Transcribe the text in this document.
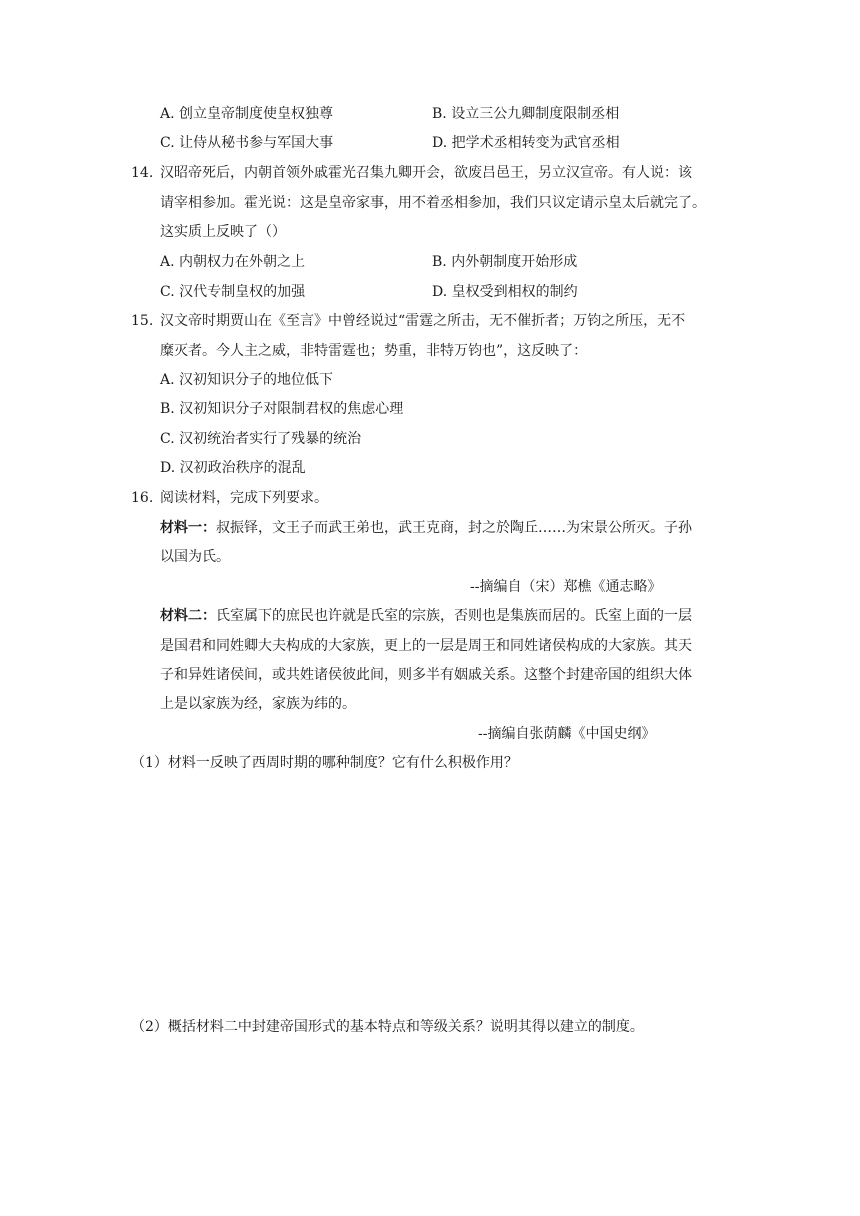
A. 创立皇帝制度使皇权独尊	B. 设立三公九卿制度限制丞相
C. 让侍从秘书参与军国大事	D. 把学术丞相转变为武官丞相
14. 汉昭帝死后，内朝首领外戚霍光召集九卿开会，欲废吕邑王，另立汉宣帝。有人说：该
请宰相参加。霍光说：这是皇帝家事，用不着丞相参加，我们只议定请示皇太后就完了。
这实质上反映了（）
A. 内朝权力在外朝之上	B. 内外朝制度开始形成
C. 汉代专制皇权的加强	D. 皇权受到相权的制约
15. 汉文帝时期贾山在《至言》中曾经说过“雷霆之所击，无不催折者；万钧之所压，无不
糜灭者。今人主之威，非特雷霆也；势重，非特万钧也”，这反映了：
A. 汉初知识分子的地位低下
B. 汉初知识分子对限制君权的焦虑心理
C. 汉初统治者实行了残暴的统治
D. 汉初政治秩序的混乱
16. 阅读材料，完成下列要求。
材料一：叔振铎，文王子而武王弟也，武王克商，封之於陶丘……为宋景公所灭。子孙
以国为氏。
--摘编自（宋）郑樵《通志略》
材料二：氏室属下的庶民也许就是氏室的宗族，否则也是集族而居的。氏室上面的一层
是国君和同姓卿大夫构成的大家族，更上的一层是周王和同姓诸侯构成的大家族。其天
子和异姓诸侯间，或共姓诸侯彼此间，则多半有姻戚关系。这整个封建帝国的组织大体
上是以家族为经，家族为纬的。
--摘编自张荫麟《中国史纲》
（1）材料一反映了西周时期的哪种制度？它有什么积极作用？
（2）概括材料二中封建帝国形式的基本特点和等级关系？说明其得以建立的制度。
